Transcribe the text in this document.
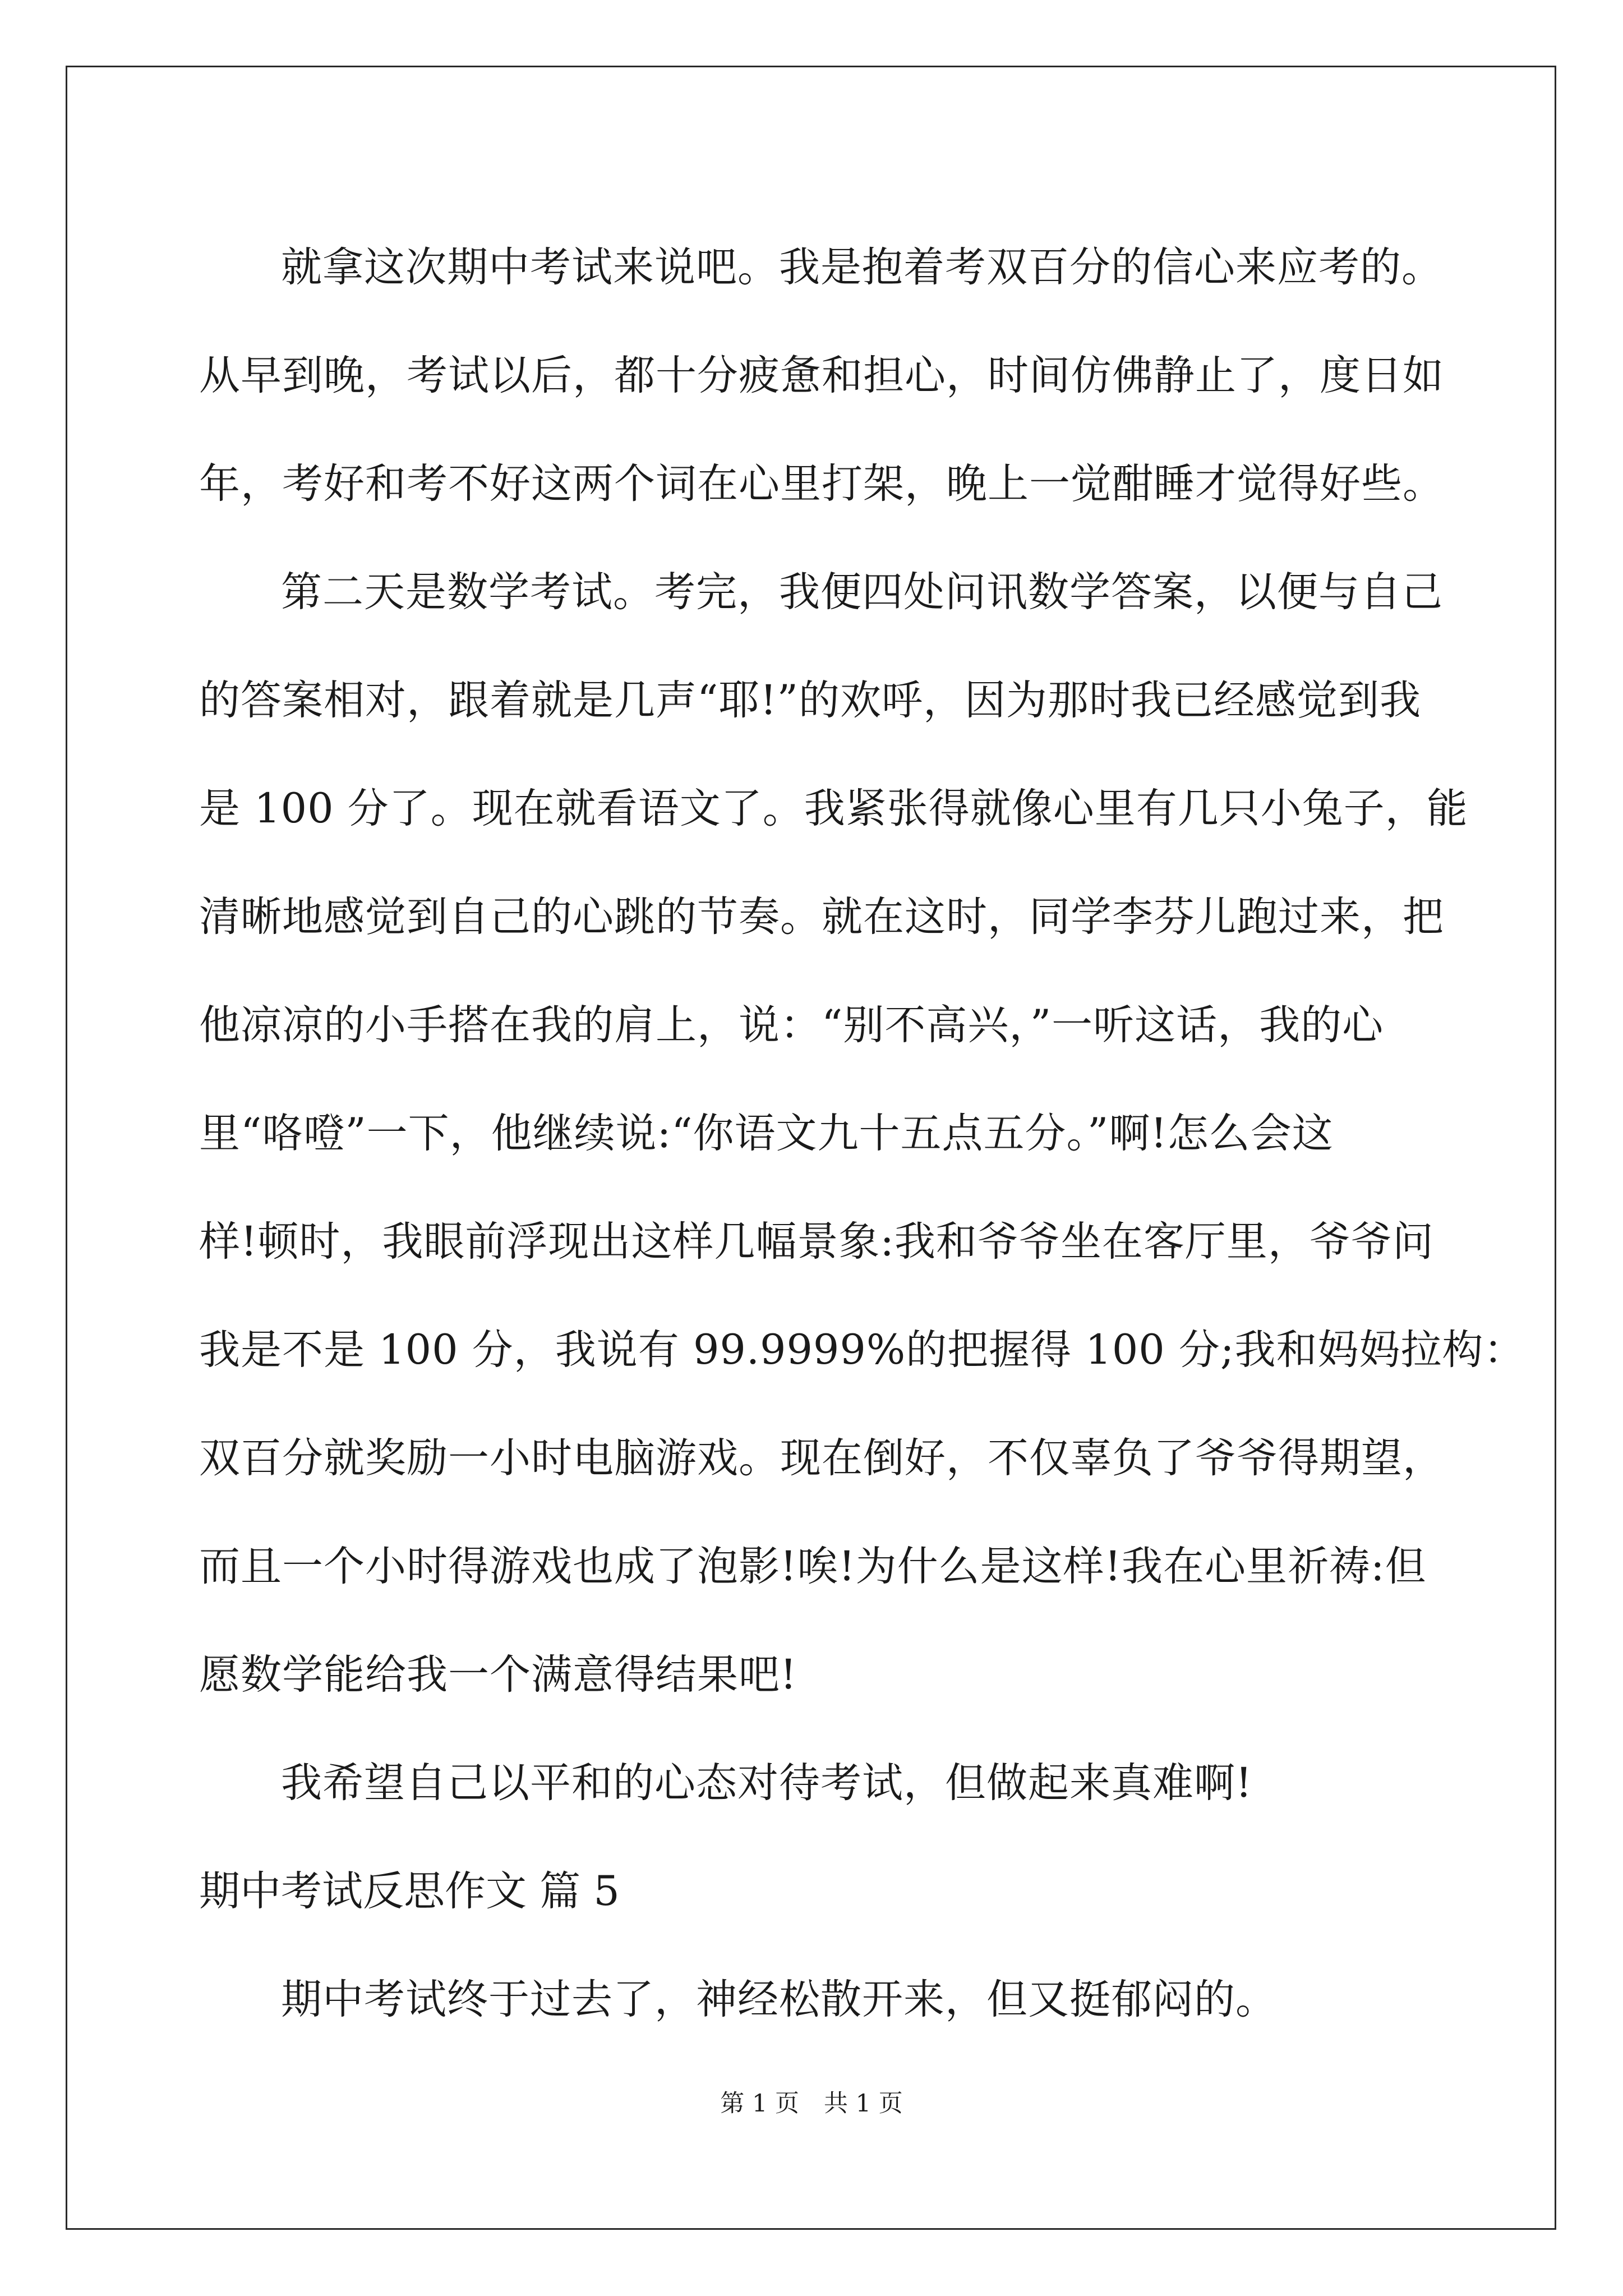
就拿这次期中考试来说吧。我是抱着考双百分的信心来应考的。
从早到晚，考试以后，都十分疲惫和担心，时间仿佛静止了，度日如
年，考好和考不好这两个词在心里打架，晚上一觉酣睡才觉得好些。
第二天是数学考试。考完，我便四处问讯数学答案，以便与自己
的答案相对，跟着就是几声“耶!”的欢呼，因为那时我已经感觉到我
是 100 分了。现在就看语文了。我紧张得就像心里有几只小兔子，能
清晰地感觉到自己的心跳的节奏。就在这时，同学李芬儿跑过来，把
他凉凉的小手搭在我的肩上，说：“别不高兴，”一听这话，我的心
里“咯噔”一下，他继续说:“你语文九十五点五分。”啊!怎么会这
样!顿时，我眼前浮现出这样几幅景象:我和爷爷坐在客厅里，爷爷问
我是不是 100 分，我说有 99.9999%的把握得 100 分;我和妈妈拉构：
双百分就奖励一小时电脑游戏。现在倒好，不仅辜负了爷爷得期望，
而且一个小时得游戏也成了泡影!唉!为什么是这样!我在心里祈祷:但
愿数学能给我一个满意得结果吧!
我希望自己以平和的心态对待考试，但做起来真难啊!
期中考试反思作文 篇 5
期中考试终于过去了，神经松散开来，但又挺郁闷的。
第 1 页 共 1 页
